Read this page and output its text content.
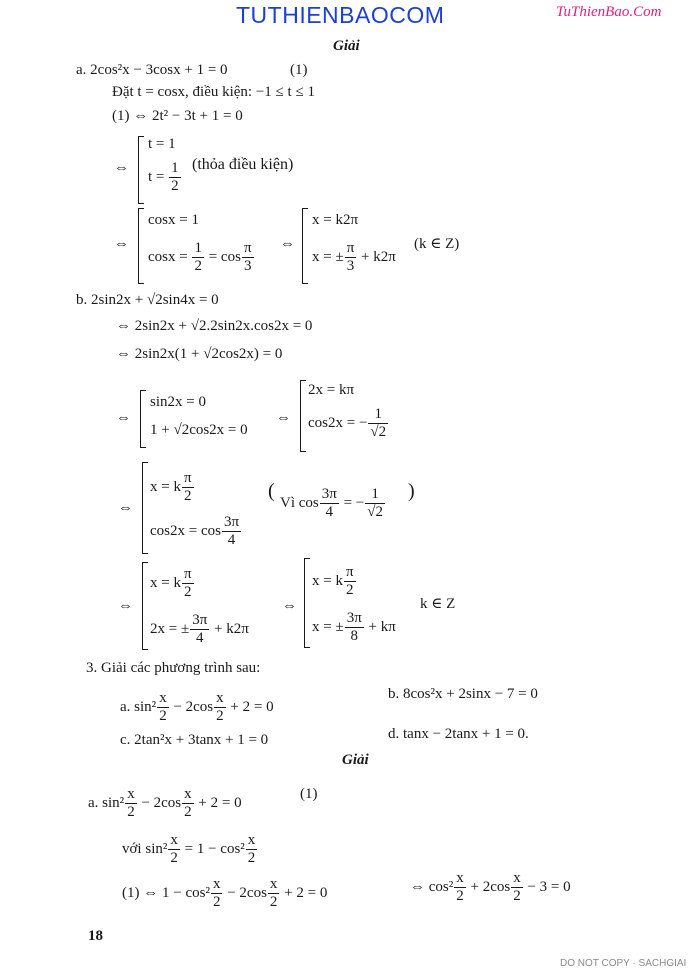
TUTHIENBAOCOM	TuThienBao.Com
Giải
a. 2cos²x − 3cosx + 1 = 0	(1)
Đặt t = cosx, điều kiện: −1 ≤ t ≤ 1
(1) ⇔ 2t² − 3t + 1 = 0
⇔
t = 1
$t = \frac{1}{2}$ (thỏa điều kiện)
⇔
cosx = 1
$\cos x = \frac{1}{2} = \cos \frac{\pi}{3}$ ⇔
x = k2π
x = ± $\frac{\pi}{3} + k2\pi$
(k ∈ Z)
b. 2sin2x + √2sin4x = 0
⇔ 2sin2x + √2.2sin2x.cos2x = 0
⇔ 2sin2x(1 + √2cos2x) = 0
⇔
sin2x = 0
1 + √2cos2x = 0
⇔
2x = kπ
cos2x = − $\frac{1}{√2}$
⇔
x = k $\frac{\pi}{2}$
$\cos 2x = \cos \frac{3\pi}{4}$
(
Vì $\cos \frac{3\pi}{4}$ = − $\frac{1}{√2}$ )
⇔
x = k $\frac{\pi}{2}$
2x = ± $\frac{3\pi}{4} + k2\pi$
⇔
x = k $\frac{\pi}{2}$
x = ± $\frac{3\pi}{8} + k\pi$
k ∈ Z
3. Giải các phương trình sau:
a. $\sin^2 \frac{x}{2} - 2\cos \frac{x}{2} + 2 = 0$
b. 8cos²x + 2sinx − 7 = 0
c. 2tan²x + 3tanx + 1 = 0	d. tanx − 2tanx + 1 = 0.
Giải
a. $\sin^2 \frac{x}{2} - 2\cos \frac{x}{2} + 2 = 0$
(1)
với $\sin^2 \frac{x}{2} = 1 - \cos^2 \frac{x}{2}$
(1) ⇔ $1 - \cos^2 \frac{x}{2} - 2\cos \frac{x}{2} + 2 = 0$	⇔ $\cos^2 \frac{x}{2} + 2\cos \frac{x}{2} - 3 = 0$
18
DO NOT COPY · SACHGIAI
